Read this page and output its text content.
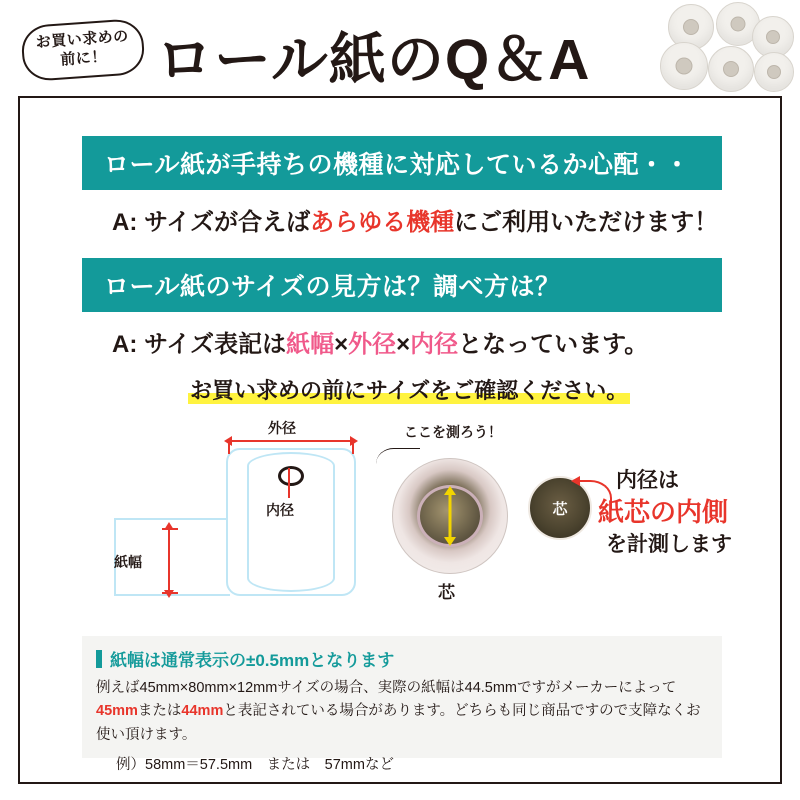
お買い求めの
前に！ ロール紙のQ＆A
ロール紙が手持ちの機種に対応しているか心配・・
A: サイズが合えばあらゆる機種にご利用いただけます！
ロール紙のサイズの見方は？調べ方は？
A: サイズ表記は紙幅×外径×内径となっています。
お買い求めの前にサイズをご確認ください。
外径
内径
紙幅
ここを測ろう！
芯
芯
内径は
紙芯の内側
を計測します
紙幅は通常表示の±0.5mmとなります
例えば45mm×80mm×12mmサイズの場合、実際の紙幅は44.5mmですがメーカーによって45mmまたは44mmと表記されている場合があります。どちらも同じ商品ですので支障なくお使い頂けます。
例）58mm＝57.5mm　または　57mmなど
